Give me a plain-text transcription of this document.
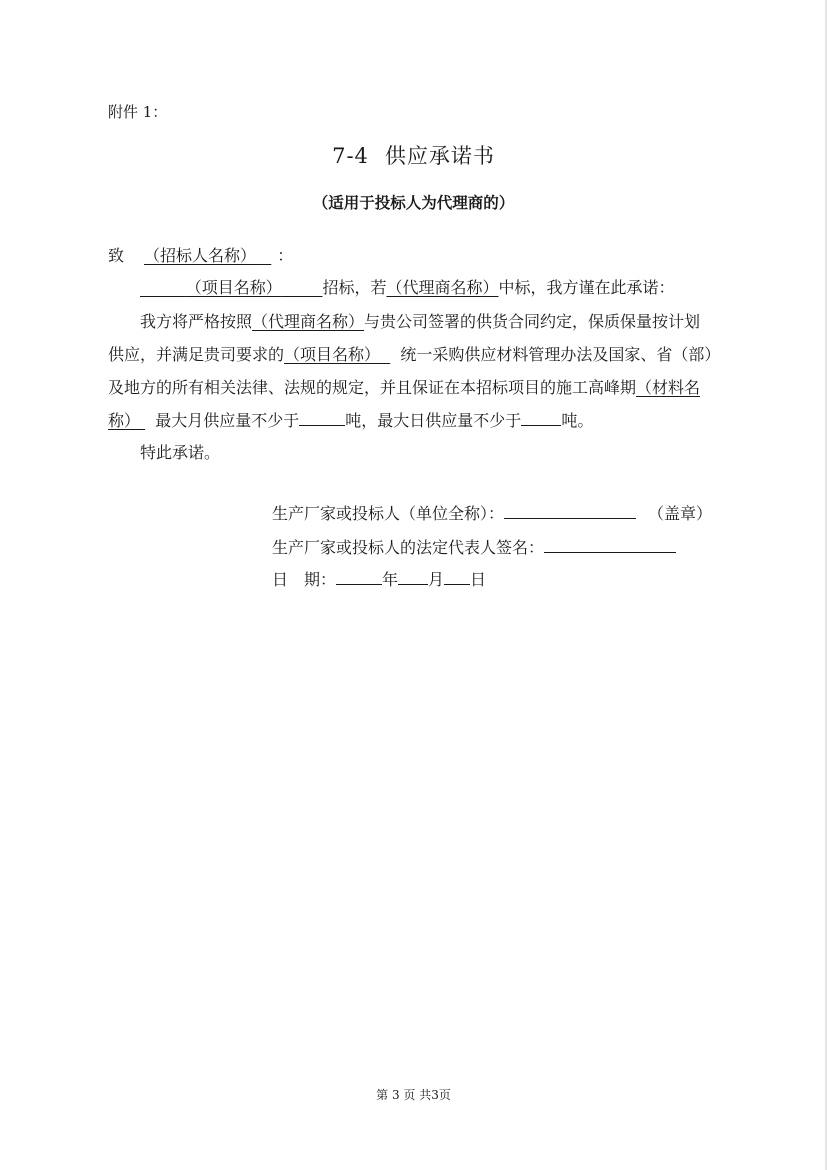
附件 1：
7-4 供应承诺书
（适用于投标人为代理商的）
致 （招标人名称） ：
（项目名称）	招标，若（代理商名称）中标，我方谨在此承诺：
我方将严格按照（代理商名称）与贵公司签署的供货合同约定，保质保量按计划
供应，并满足贵司要求的（项目名称） 统一采购供应材料管理办法及国家、省（部）
及地方的所有相关法律、法规的规定，并且保证在本招标项目的施工高峰期（材料名
称） 最大月供应量不少于	吨，最大日供应量不少于	吨。
特此承诺。
生产厂家或投标人（单位全称）：	（盖章）
生产厂家或投标人的法定代表人签名：
日　期：	年 月 日
第 3 页 共3页
